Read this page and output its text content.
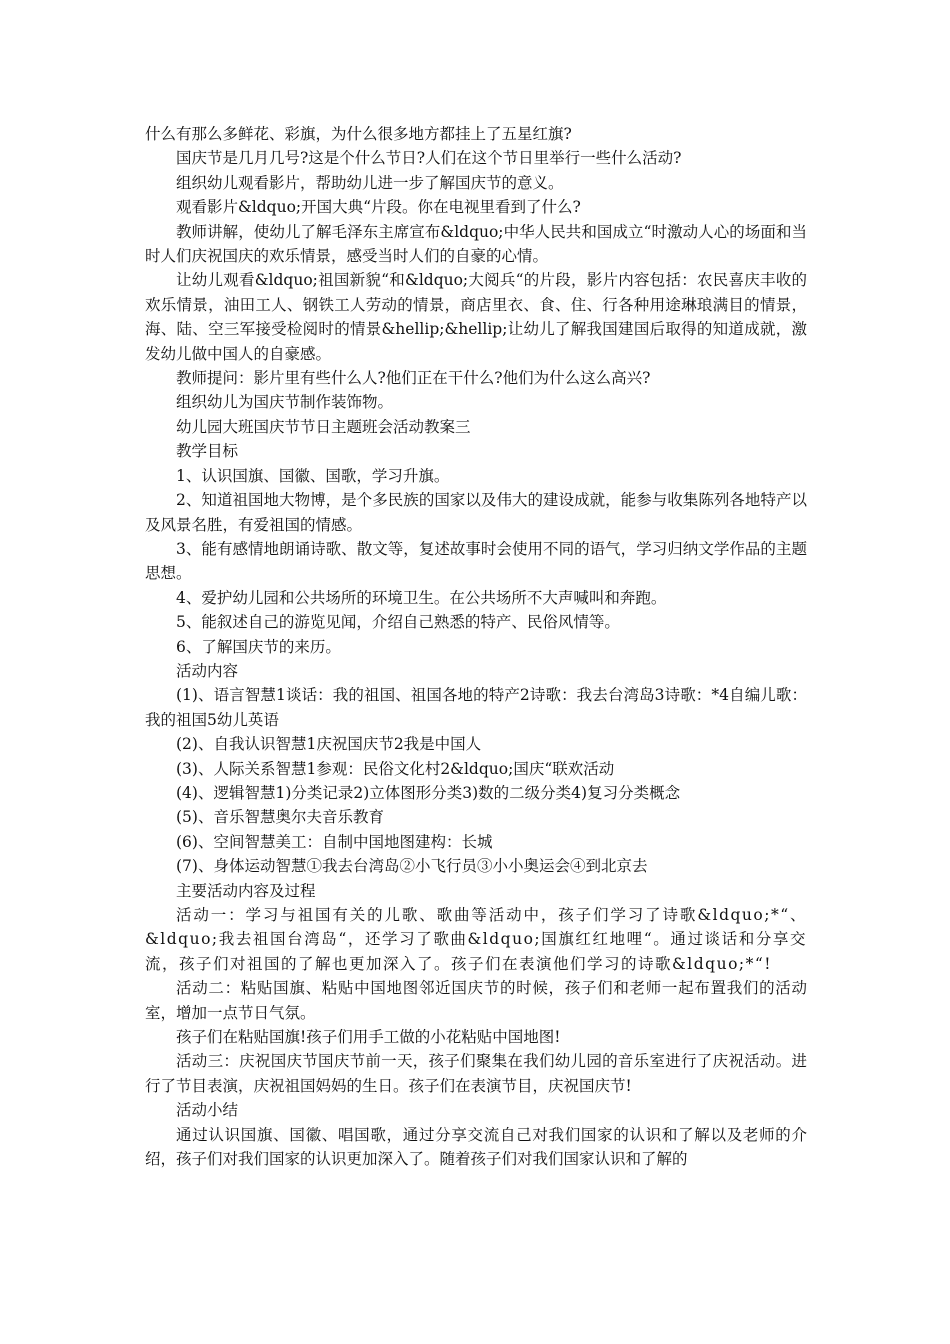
什么有那么多鲜花、彩旗，为什么很多地方都挂上了五星红旗?

国庆节是几月几号?这是个什么节日?人们在这个节日里举行一些什么活动?

组织幼儿观看影片，帮助幼儿进一步了解国庆节的意义。

观看影片&ldquo;开国大典“片段。你在电视里看到了什么?

教师讲解，使幼儿了解毛泽东主席宣布&ldquo;中华人民共和国成立“时激动人心的场面和当时人们庆祝国庆的欢乐情景，感受当时人们的自豪的心情。

让幼儿观看&ldquo;祖国新貌“和&ldquo;大阅兵“的片段，影片内容包括：农民喜庆丰收的欢乐情景，油田工人、钢铁工人劳动的情景，商店里衣、食、住、行各种用途琳琅满目的情景，海、陆、空三军接受检阅时的情景&hellip;&hellip;让幼儿了解我国建国后取得的知道成就，激发幼儿做中国人的自豪感。

教师提问：影片里有些什么人?他们正在干什么?他们为什么这么高兴?

组织幼儿为国庆节制作装饰物。

幼儿园大班国庆节节日主题班会活动教案三

教学目标

1、认识国旗、国徽、国歌，学习升旗。

2、知道祖国地大物博，是个多民族的国家以及伟大的建设成就，能参与收集陈列各地特产以及风景名胜，有爱祖国的情感。

3、能有感情地朗诵诗歌、散文等，复述故事时会使用不同的语气，学习归纳文学作品的主题思想。

4、爱护幼儿园和公共场所的环境卫生。在公共场所不大声喊叫和奔跑。

5、能叙述自己的游览见闻，介绍自己熟悉的特产、民俗风情等。

6、了解国庆节的来历。

活动内容

(1)、语言智慧1谈话：我的祖国、祖国各地的特产2诗歌：我去台湾岛3诗歌：*4自编儿歌：我的祖国5幼儿英语

(2)、自我认识智慧1庆祝国庆节2我是中国人

(3)、人际关系智慧1参观：民俗文化村2&ldquo;国庆“联欢活动

(4)、逻辑智慧1)分类记录2)立体图形分类3)数的二级分类4)复习分类概念

(5)、音乐智慧奥尔夫音乐教育

(6)、空间智慧美工：自制中国地图建构：长城

(7)、身体运动智慧①我去台湾岛②小飞行员③小小奥运会④到北京去

主要活动内容及过程

活动一：学习与祖国有关的儿歌、歌曲等活动中，孩子们学习了诗歌&ldquo;*“、&ldquo;我去祖国台湾岛“，还学习了歌曲&ldquo;国旗红红地哩“。通过谈话和分享交流，孩子们对祖国的了解也更加深入了。孩子们在表演他们学习的诗歌&ldquo;*“!

活动二：粘贴国旗、粘贴中国地图邻近国庆节的时候，孩子们和老师一起布置我们的活动室，增加一点节日气氛。

孩子们在粘贴国旗!孩子们用手工做的小花粘贴中国地图!

活动三：庆祝国庆节国庆节前一天，孩子们聚集在我们幼儿园的音乐室进行了庆祝活动。进行了节目表演，庆祝祖国妈妈的生日。孩子们在表演节目，庆祝国庆节!

活动小结

通过认识国旗、国徽、唱国歌，通过分享交流自己对我们国家的认识和了解以及老师的介绍，孩子们对我们国家的认识更加深入了。随着孩子们对我们国家认识和了解的
